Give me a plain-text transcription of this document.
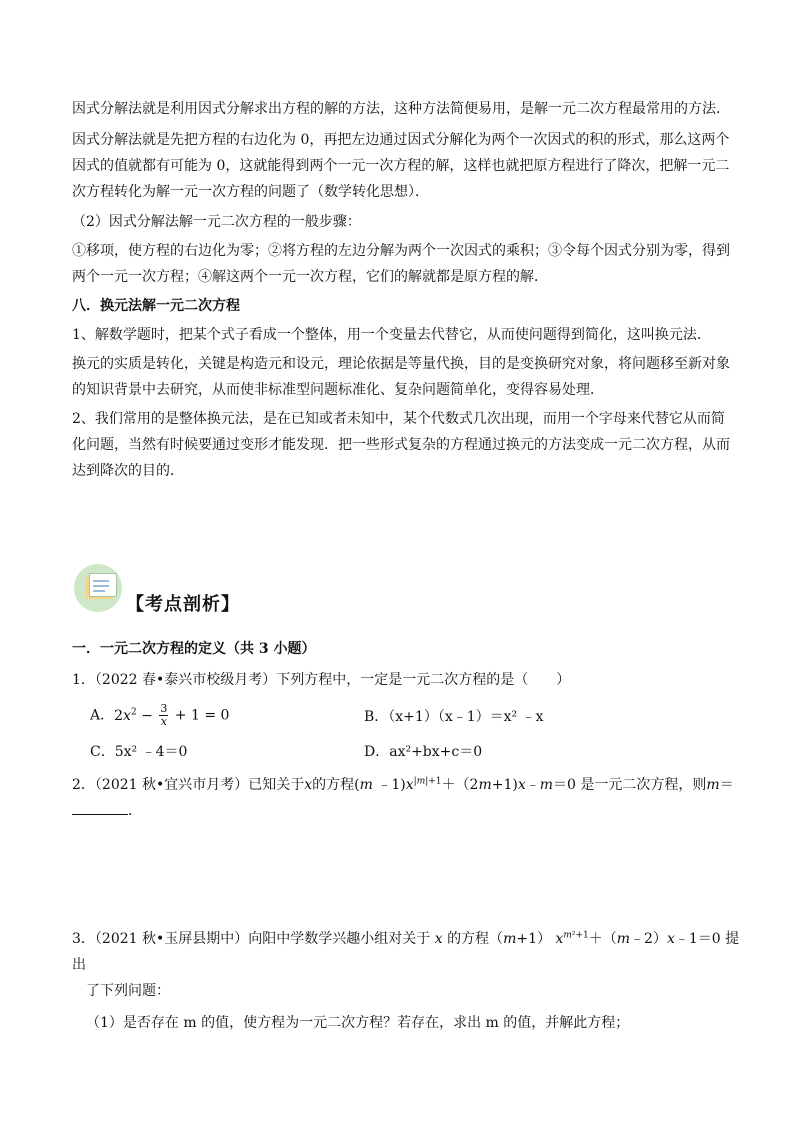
因式分解法就是利用因式分解求出方程的解的方法，这种方法简便易用，是解一元二次方程最常用的方法．

因式分解法就是先把方程的右边化为 0，再把左边通过因式分解化为两个一次因式的积的形式，那么这两个因式的值就都有可能为 0，这就能得到两个一元一次方程的解，这样也就把原方程进行了降次，把解一元二次方程转化为解一元一次方程的问题了（数学转化思想）．

（2）因式分解法解一元二次方程的一般步骤：

①移项，使方程的右边化为零；②将方程的左边分解为两个一次因式的乘积；③令每个因式分别为零，得到两个一元一次方程；④解这两个一元一次方程，它们的解就都是原方程的解．

八．换元法解一元二次方程

1、解数学题时，把某个式子看成一个整体，用一个变量去代替它，从而使问题得到简化，这叫换元法．

换元的实质是转化，关键是构造元和设元，理论依据是等量代换，目的是变换研究对象，将问题移至新对象的知识背景中去研究，从而使非标准型问题标准化、复杂问题简单化，变得容易处理．

2、我们常用的是整体换元法，是在已知或者未知中，某个代数式几次出现，而用一个字母来代替它从而简化问题，当然有时候要通过变形才能发现．把一些形式复杂的方程通过换元的方法变成一元二次方程，从而达到降次的目的．

【考点剖析】
一．一元二次方程的定义（共 3 小题）
1．（2022 春•泰兴市校级月考）下列方程中，一定是一元二次方程的是（　　）
A．$2x^2 - \frac{3}{x} + 1 = 0$	B．（x+1）（x﹣1）＝x² ﹣x
C．5x² ﹣4＝0	D．ax²+bx+c＝0
2．（2021 秋•宜兴市月考）已知关于x的方程(m $﹣1)x^{|m|+1}+(2m+1)x﹣m=0$ 是一元二次方程，则m＝．
3．（2021 秋•玉屏县期中）向阳中学数学兴趣小组对关于 x 的方程（m+1） $x^{m^2+1}+(m﹣2)x﹣1=0$ 提出
了下列问题：
（1）是否存在 m 的值，使方程为一元二次方程？若存在，求出 m 的值，并解此方程；
